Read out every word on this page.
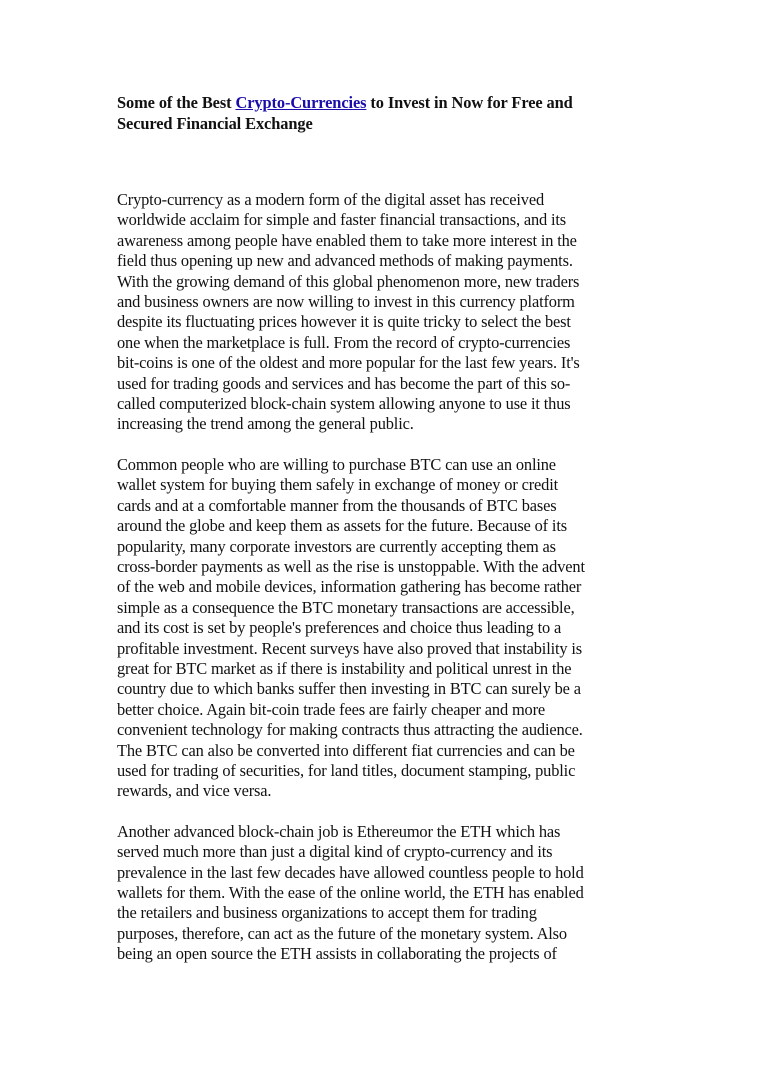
Some of the Best Crypto-Currencies to Invest in Now for Free and
Secured Financial Exchange

Crypto-currency as a modern form of the digital asset has received
worldwide acclaim for simple and faster financial transactions, and its
awareness among people have enabled them to take more interest in the
field thus opening up new and advanced methods of making payments.
With the growing demand of this global phenomenon more, new traders
and business owners are now willing to invest in this currency platform
despite its fluctuating prices however it is quite tricky to select the best
one when the marketplace is full. From the record of crypto-currencies
bit-coins is one of the oldest and more popular for the last few years. It's
used for trading goods and services and has become the part of this so-
called computerized block-chain system allowing anyone to use it thus
increasing the trend among the general public.

Common people who are willing to purchase BTC can use an online
wallet system for buying them safely in exchange of money or credit
cards and at a comfortable manner from the thousands of BTC bases
around the globe and keep them as assets for the future. Because of its
popularity, many corporate investors are currently accepting them as
cross-border payments as well as the rise is unstoppable. With the advent
of the web and mobile devices, information gathering has become rather
simple as a consequence the BTC monetary transactions are accessible,
and its cost is set by people's preferences and choice thus leading to a
profitable investment. Recent surveys have also proved that instability is
great for BTC market as if there is instability and political unrest in the
country due to which banks suffer then investing in BTC can surely be a
better choice. Again bit-coin trade fees are fairly cheaper and more
convenient technology for making contracts thus attracting the audience.
The BTC can also be converted into different fiat currencies and can be
used for trading of securities, for land titles, document stamping, public
rewards, and vice versa.

Another advanced block-chain job is Ethereumor the ETH which has
served much more than just a digital kind of crypto-currency and its
prevalence in the last few decades have allowed countless people to hold
wallets for them. With the ease of the online world, the ETH has enabled
the retailers and business organizations to accept them for trading
purposes, therefore, can act as the future of the monetary system. Also
being an open source the ETH assists in collaborating the projects of
